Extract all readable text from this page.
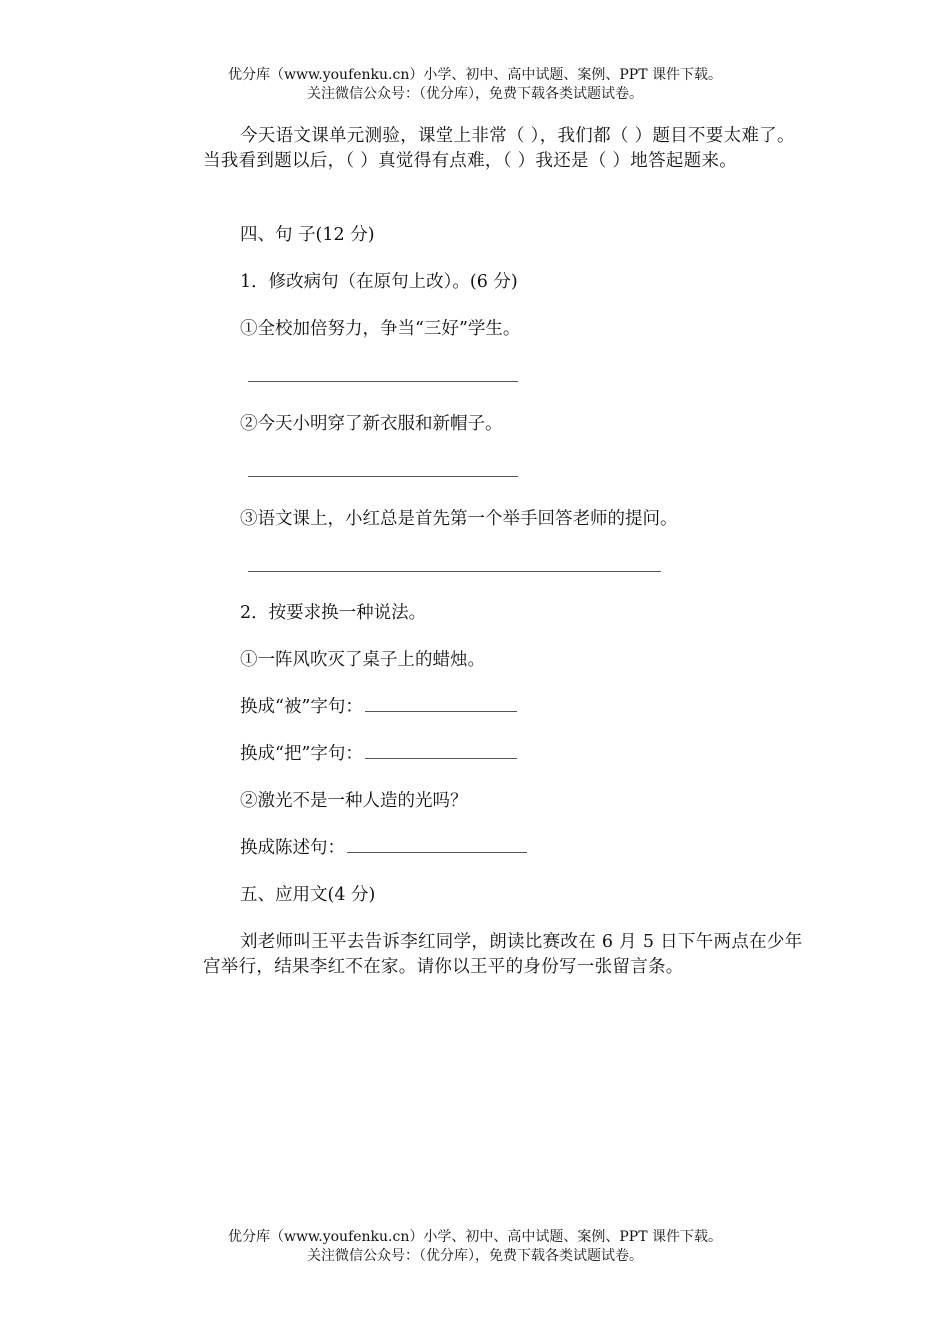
优分库（www.youfenku.cn）小学、初中、高中试题、案例、PPT 课件下载。
关注微信公众号：（优分库），免费下载各类试题试卷。

今天语文课单元测验，课堂上非常（ ），我们都（ ）题目不要太难了。当我看到题以后，（ ）真觉得有点难，（ ）我还是（ ）地答起题来。

四、句 子(12 分)
1．修改病句（在原句上改）。(6 分)
①全校加倍努力，争当“三好”学生。
②今天小明穿了新衣服和新帽子。
③语文课上，小红总是首先第一个举手回答老师的提问。
2．按要求换一种说法。
①一阵风吹灭了桌子上的蜡烛。
换成“被”字句：
换成“把”字句：
②激光不是一种人造的光吗？
换成陈述句：
五、应用文(4 分)

刘老师叫王平去告诉李红同学，朗读比赛改在 6 月 5 日下午两点在少年宫举行，结果李红不在家。请你以王平的身份写一张留言条。

优分库（www.youfenku.cn）小学、初中、高中试题、案例、PPT 课件下载。
关注微信公众号：（优分库），免费下载各类试题试卷。
